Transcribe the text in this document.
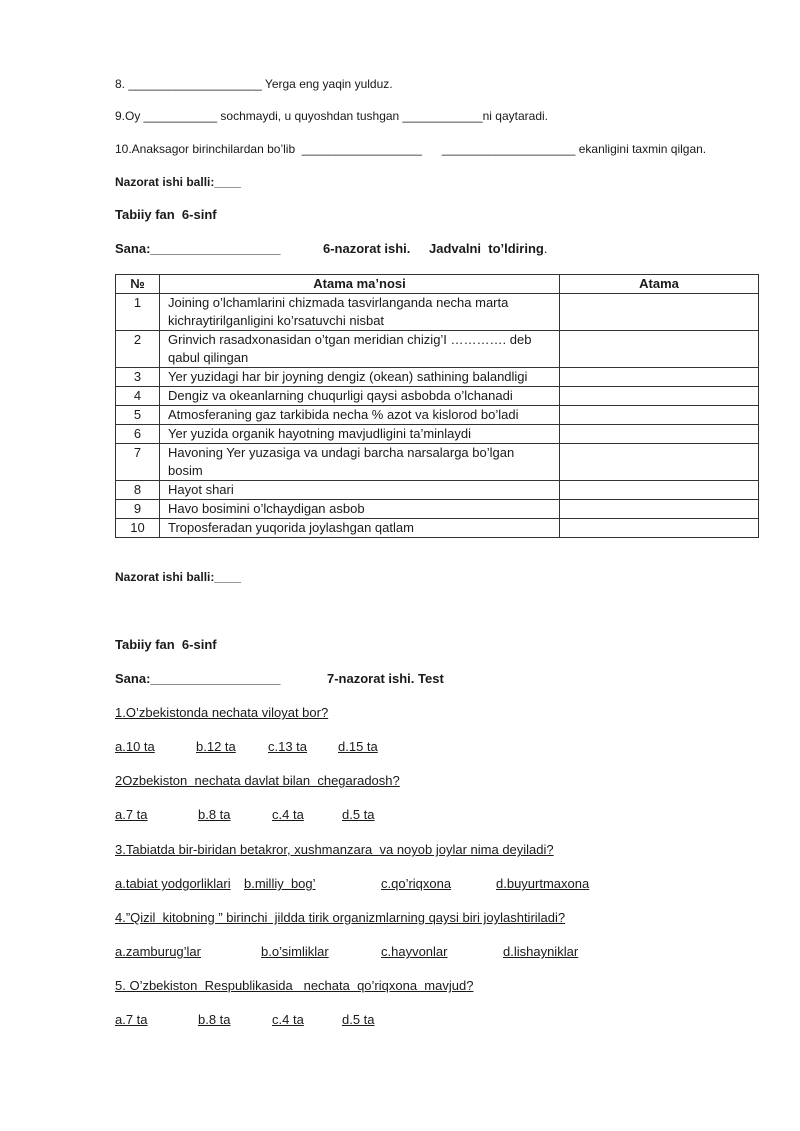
8. ____________________ Yerga eng yaqin yulduz.
9.Oy ___________ sochmaydi, u quyoshdan tushgan ____________ni qaytaradi.
10.Anaksagor birinchilardan bo’lib  __________________      ____________________ ekanligini taxmin qilgan.
Nazorat ishi balli:____
Tabiiy fan  6-sinf
Sana:__________________	6-nazorat ishi. Jadvalni  to’ldiring.
№	Atama ma’nosi	Atama
1	Joining o’lchamlarini chizmada tasvirlanganda necha marta kichraytirilganligini ko’rsatuvchi nisbat	
2	Grinvich rasadxonasidan o’tgan meridian chizig’I …………. deb qabul qilingan	
3	Yer yuzidagi har bir joyning dengiz (okean) sathining balandligi	
4	Dengiz va okeanlarning chuqurligi qaysi asbobda o’lchanadi	
5	Atmosferaning gaz tarkibida necha % azot va kislorod bo’ladi	
6	Yer yuzida organik hayotning mavjudligini ta’minlaydi	
7	Havoning Yer yuzasiga va undagi barcha narsalarga bo’lgan bosim	
8	Hayot shari	
9	Havo bosimini o’lchaydigan asbob	
10	Troposferadan yuqorida joylashgan qatlam	
Nazorat ishi balli:____
Tabiiy fan  6-sinf
Sana:__________________	7-nazorat ishi. Test
1.O’zbekistonda nechata viloyat bor?
a.10 ta	b.12 ta c.13 ta d.15 ta
2Ozbekiston  nechata davlat bilan  chegaradosh?
a.7 ta	b.8 ta	c.4 ta	d.5 ta
3.Tabiatda bir-biridan betakror, xushmanzara  va noyob joylar nima deyiladi?
a.tabiat yodgorliklari b.milliy  bog’	c.qo’riqxona	d.buyurtmaxona
4.”Qizil  kitobning ” birinchi  jildda tirik organizmlarning qaysi biri joylashtiriladi?
a.zamburug’lar	b.o’simliklar	c.hayvonlar	d.lishayniklar
5. O’zbekiston  Respublikasida   nechata  qo’riqxona  mavjud?
a.7 ta	b.8 ta	c.4 ta	d.5 ta
